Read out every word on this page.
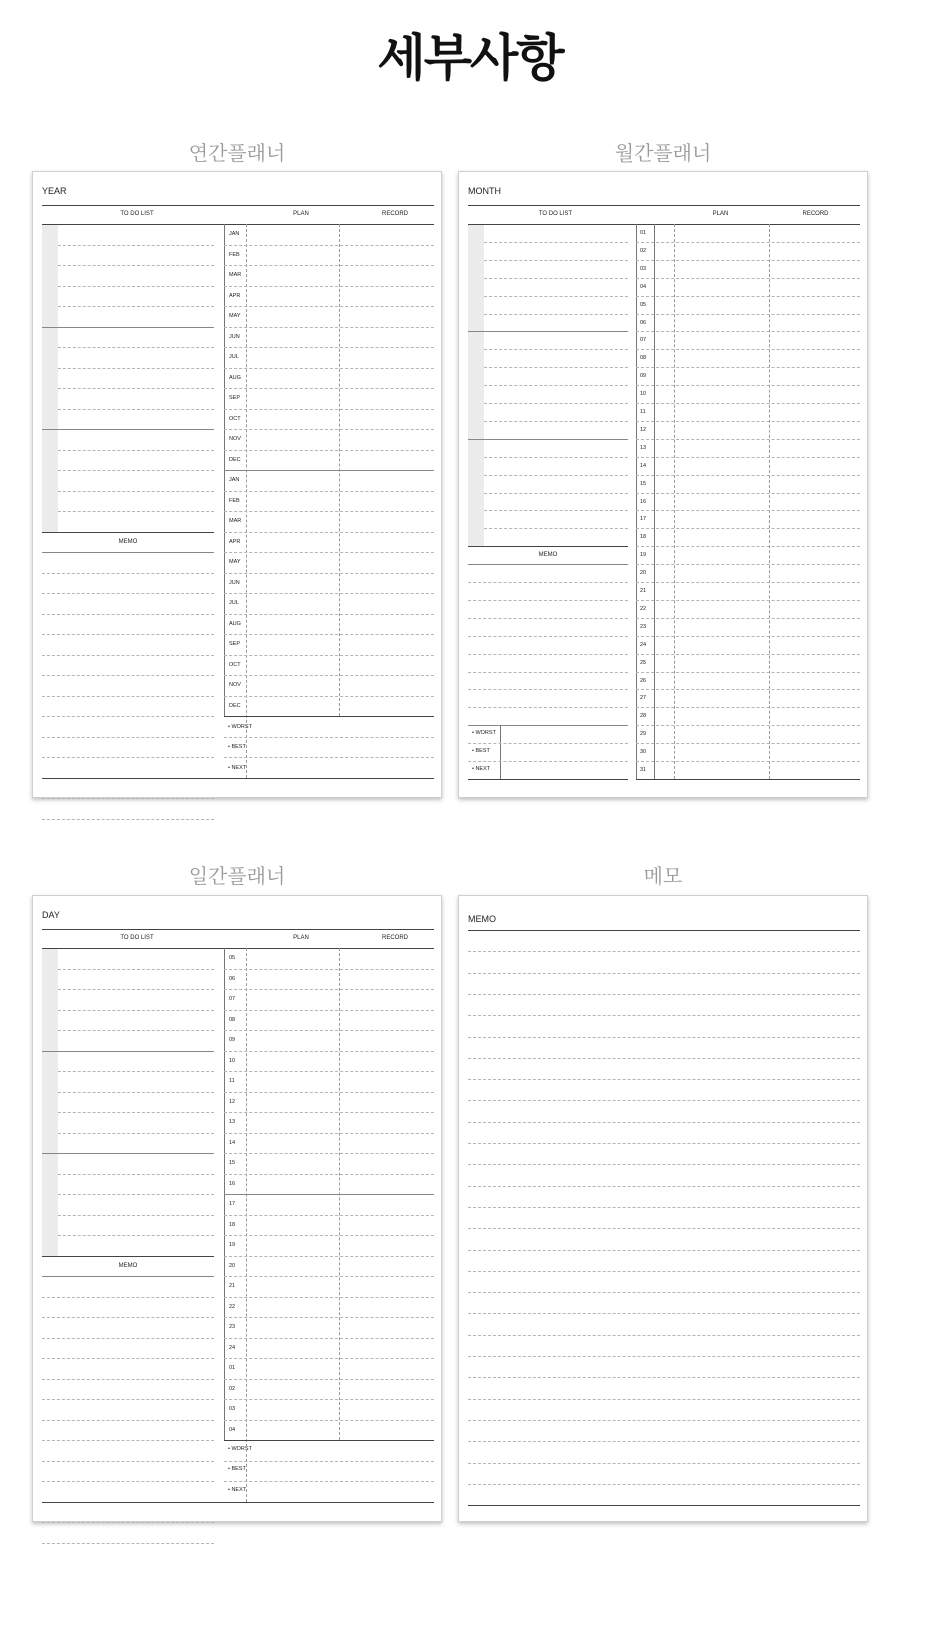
세부사항
연간플래너	월간플래너
일간플래너	메모
YEAR
TO DO LIST	PLAN	RECORD
MEMO
• WORST
• BEST
• NEXT
JAN
FEB
MAR
APR
MAY
JUN
JUL
AUG
SEP
OCT
NOV
DEC
JAN
FEB
MAR
APR
MAY
JUN
JUL
AUG
SEP
OCT
NOV
DEC
MONTH
TO DO LIST	PLAN	RECORD
MEMO
• WORST
• BEST
• NEXT
01
02
03
04
05
06
07
08
09
10
11
12
13
14
15
16
17
18
19
20
21
22
23
24
25
26
27
28
29
30
31
DAY
TO DO LIST	PLAN	RECORD
MEMO
• WORST
• BEST
• NEXT
05
06
07
08
09
10
11
12
13
14
15
16
17
18
19
20
21
22
23
24
01
02
03
04
MEMO
